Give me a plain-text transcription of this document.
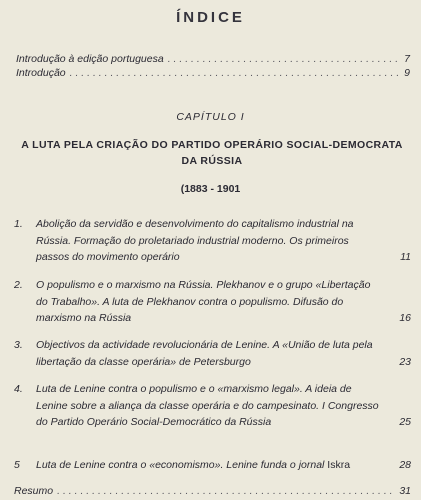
ÍNDICE
Introdução à edição portuguesa . . .	7
Introdução . . .	9
CAPÍTULO I
A LUTA PELA CRIAÇÃO DO PARTIDO OPERÁRIO SOCIAL-DEMOCRATA
DA RÚSSIA
(1883 - 1901
1. Abolição da servidão e desenvolvimento do capitalismo industrial na Rússia. Formação do proletariado industrial moderno. Os primeiros passos do movimento operário	11
2. O populismo e o marxismo na Rússia. Plekhanov e o grupo «Libertação do Trabalho». A luta de Plekhanov contra o populismo. Difusão do marxismo na Rússia	16
3. Objectivos da actividade revolucionária de Lenine. A «União de luta pela libertação da classe operária» de Petersburgo	23
4. Luta de Lenine contra o populismo e o «marxismo legal». A ideia de Lenine sobre a aliança da classe operária e do campesinato. I Congresso do Partido Operário Social-Democrático da Rússia	25
5 Luta de Lenine contra o «economismo». Lenine funda o jornal Iskra	28
Resumo . . .	31
